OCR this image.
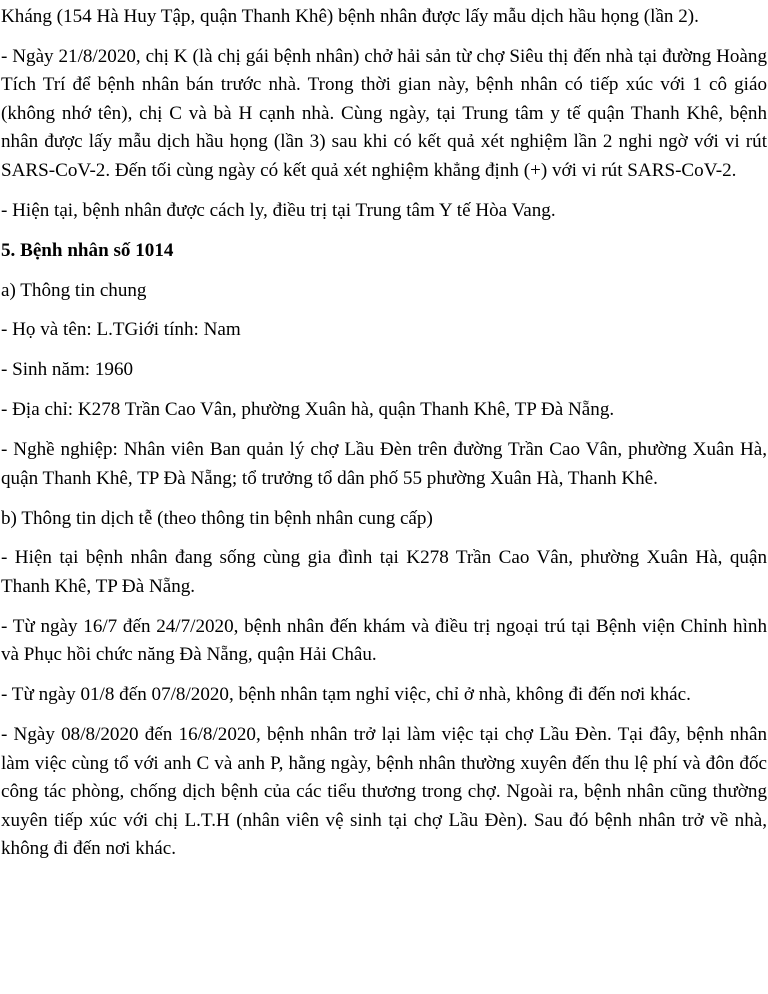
Kháng (154 Hà Huy Tập, quận Thanh Khê) bệnh nhân được lấy mẫu dịch hầu họng (lần 2).

- Ngày 21/8/2020, chị K (là chị gái bệnh nhân) chở hải sản từ chợ Siêu thị đến nhà tại đường Hoàng Tích Trí để bệnh nhân bán trước nhà. Trong thời gian này, bệnh nhân có tiếp xúc với 1 cô giáo (không nhớ tên), chị C và bà H cạnh nhà. Cùng ngày, tại Trung tâm y tế quận Thanh Khê, bệnh nhân được lấy mẫu dịch hầu họng (lần 3) sau khi có kết quả xét nghiệm lần 2 nghi ngờ với vi rút SARS-CoV-2. Đến tối cùng ngày có kết quả xét nghiệm khẳng định (+) với vi rút SARS-CoV-2.

- Hiện tại, bệnh nhân được cách ly, điều trị tại Trung tâm Y tế Hòa Vang.

5. Bệnh nhân số 1014

a) Thông tin chung

- Họ và tên: L.TGiới tính: Nam

- Sinh năm: 1960

- Địa chỉ: K278 Trần Cao Vân, phường Xuân hà, quận Thanh Khê, TP Đà Nẵng.

- Nghề nghiệp: Nhân viên Ban quản lý chợ Lầu Đèn trên đường Trần Cao Vân, phường Xuân Hà, quận Thanh Khê, TP Đà Nẵng; tổ trưởng tổ dân phố 55 phường Xuân Hà, Thanh Khê.

b) Thông tin dịch tễ (theo thông tin bệnh nhân cung cấp)

- Hiện tại bệnh nhân đang sống cùng gia đình tại K278 Trần Cao Vân, phường Xuân Hà, quận Thanh Khê, TP Đà Nẵng.

- Từ ngày 16/7 đến 24/7/2020, bệnh nhân đến khám và điều trị ngoại trú tại Bệnh viện Chỉnh hình và Phục hồi chức năng Đà Nẵng, quận Hải Châu.

- Từ ngày 01/8 đến 07/8/2020, bệnh nhân tạm nghỉ việc, chỉ ở nhà, không đi đến nơi khác.

- Ngày 08/8/2020 đến 16/8/2020, bệnh nhân trở lại làm việc tại chợ Lầu Đèn. Tại đây, bệnh nhân làm việc cùng tổ với anh C và anh P, hằng ngày, bệnh nhân thường xuyên đến thu lệ phí và đôn đốc công tác phòng, chống dịch bệnh của các tiểu thương trong chợ. Ngoài ra, bệnh nhân cũng thường xuyên tiếp xúc với chị L.T.H (nhân viên vệ sinh tại chợ Lầu Đèn). Sau đó bệnh nhân trở về nhà, không đi đến nơi khác.
